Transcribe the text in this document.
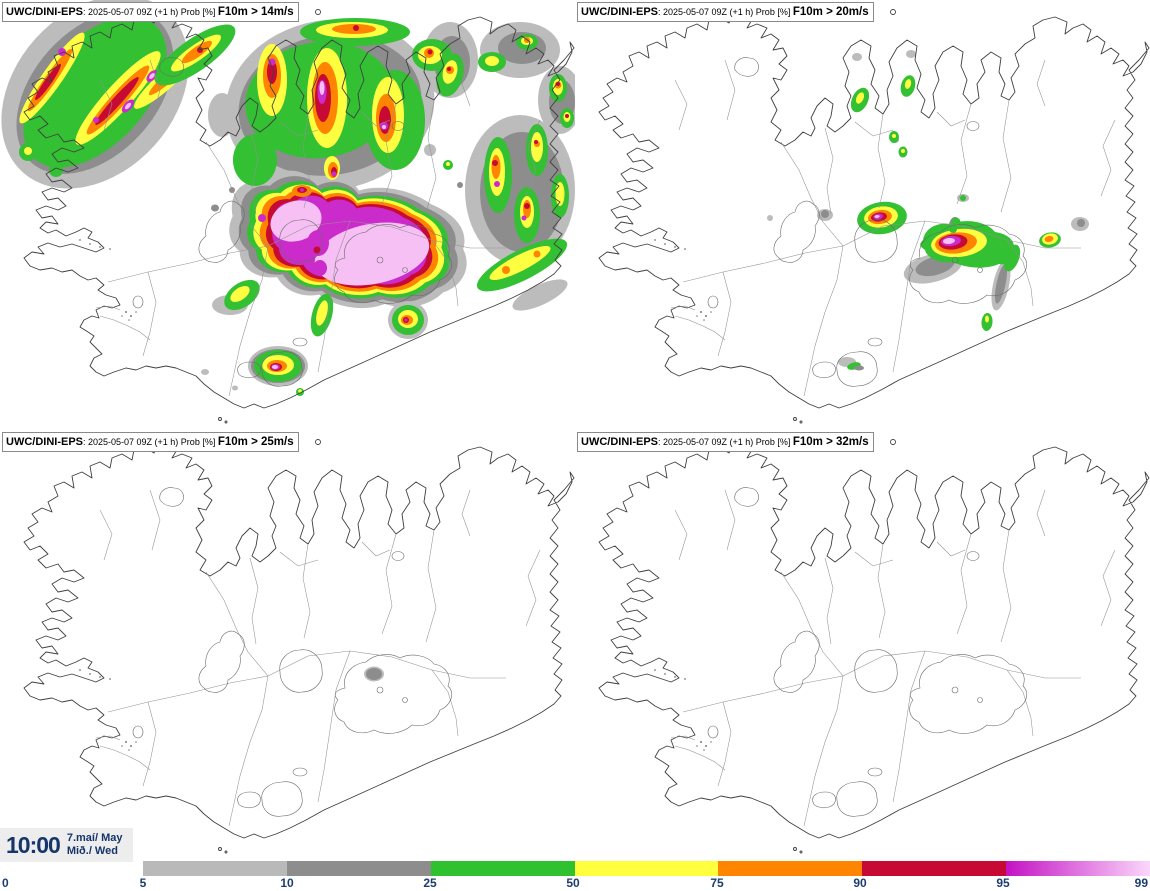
UWC/DINI-EPS: 2025-05-07 09Z (+1 h) Prob [%] F10m > 14m/s	UWC/DINI-EPS: 2025-05-07 09Z (+1 h) Prob [%] F10m > 20m/s
UWC/DINI-EPS: 2025-05-07 09Z (+1 h) Prob [%] F10m > 25m/s	UWC/DINI-EPS: 2025-05-07 09Z (+1 h) Prob [%] F10m > 32m/s
10:00 7.maí/ May
Mið./ Wed
0	5	10	25	50	75	90	95	99
